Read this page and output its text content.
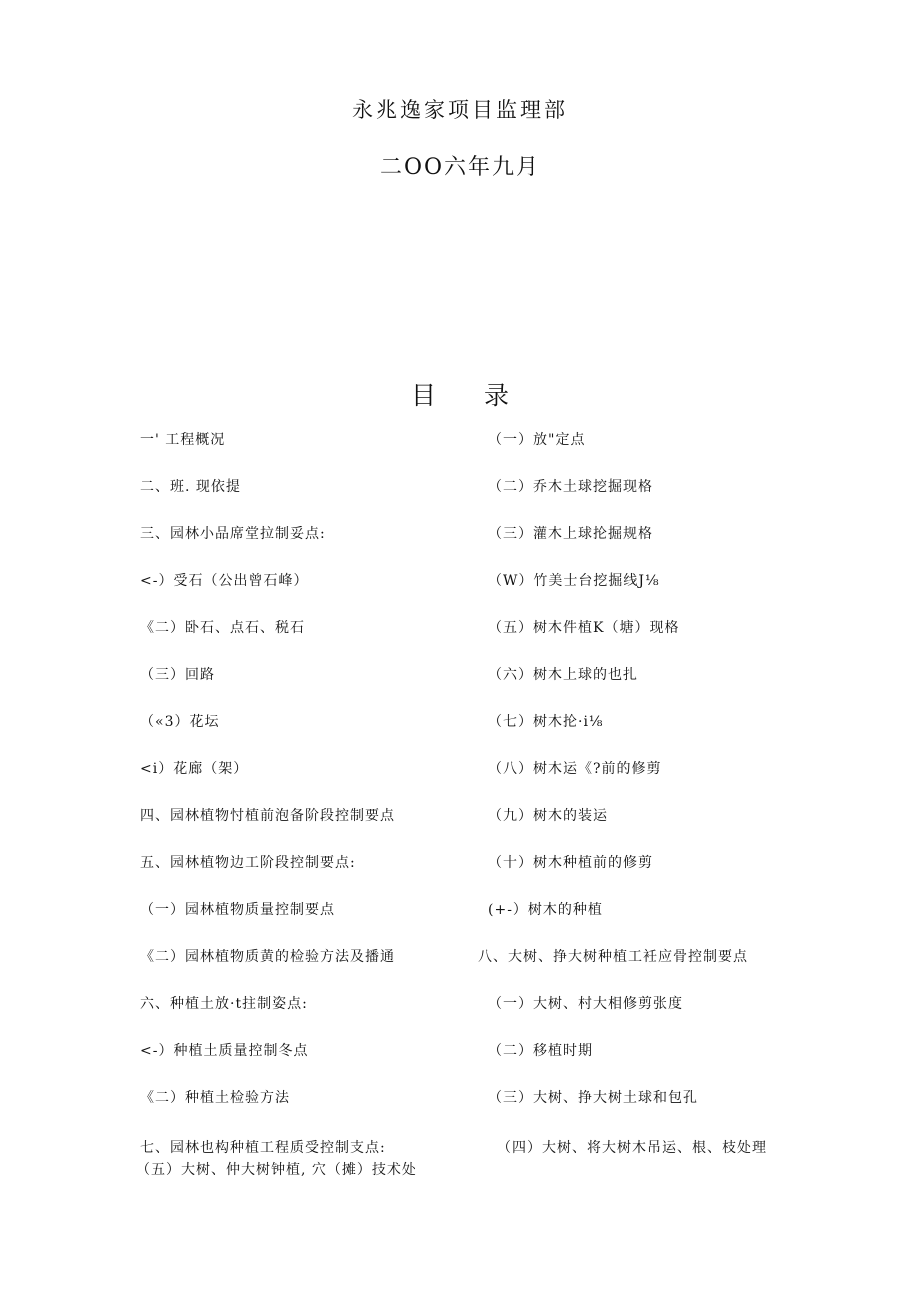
永兆逸家项目监理部
二OO六年九月
目 录
一' 工程概况
二、班. 现依提
三、园林小品席堂拉制妥点:
<-）受石（公出曾石峰）
《二）卧石、点石、税石
（三）回路
（«3）花坛
<i）花廊（架）
四、园林植物忖植前泡备阶段控制要点
五、园林植物边工阶段控制要点:
（一）园林植物质量控制要点
《二）园林植物质黄的检验方法及播通
六、种植土放·t拄制姿点:
<-）种植土质量控制冬点
《二）种植土检验方法
（一）放"定点
（二）乔木土球挖掘现格
（三）灌木上球抡掘规格
（W）竹美士台挖掘线J⅛
（五）树木件植K（塘）现格
（六）树木上球的也扎
（七）树木抡·i⅛
（八）树木运《?前的修剪
（九）树木的装运
（十）树木种植前的修剪
(+-）树木的种植
八、大树、挣大树种植工衽应骨控制要点
（一）大树、村大相修剪张度
（二）移植时期
（三）大树、挣大树土球和包孔
七、园林也构种植工程质受控制支点:	（四）大树、将大树木吊运、根、枝处理
（五）大树、仲大树钟植, 穴（摊）技术处
